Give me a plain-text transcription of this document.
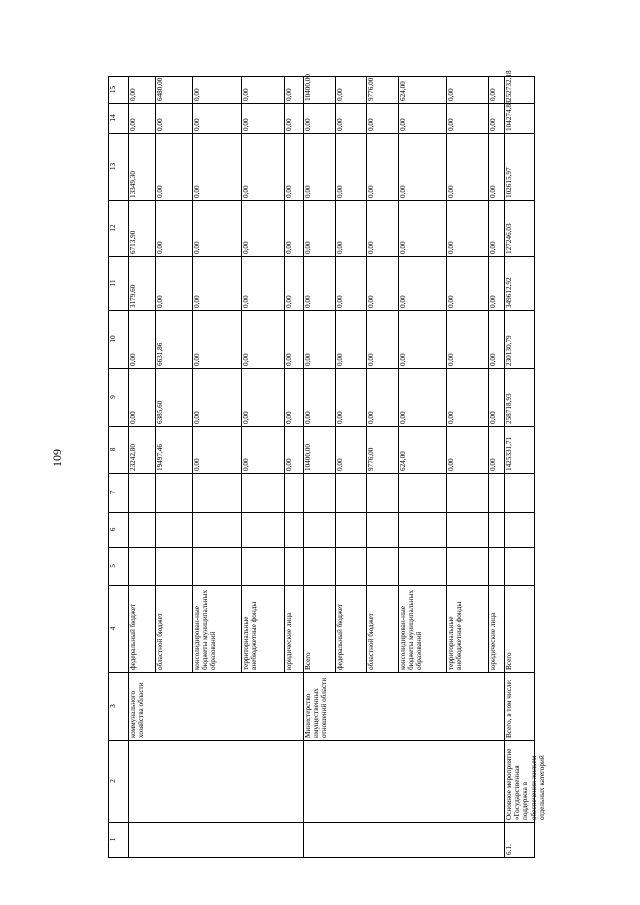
109
1
2
3
4
5
6
7
8
9
10
11
12
13
14
15
коммунального хозяйства области
федеральный бюджет
23242,80
0,00
0,00
3179,60
6713,90
13349,30
0,00
0,00
областной бюджет
19497,46
6385,60
6631,86
0,00
0,00
0,00
0,00
6480,00
консолидирован-ные бюджеты муниципальных образований
0,00
0,00
0,00
0,00
0,00
0,00
0,00
0,00
территориальные внебюджетные фонды
0,00
0,00
0,00
0,00
0,00
0,00
0,00
0,00
юридические лица
0,00
0,00
0,00
0,00
0,00
0,00
0,00
0,00
Министерство имущественных отношений области
Всего
10400,00
0,00
0,00
0,00
0,00
0,00
0,00
10400,00
федеральный бюджет
0,00
0,00
0,00
0,00
0,00
0,00
0,00
0,00
областной бюджет
9776,00
0,00
0,00
0,00
0,00
0,00
0,00
9776,00
консолидирован-ные бюджеты муниципальных образований
624,00
0,00
0,00
0,00
0,00
0,00
0,00
624,00
территориальные внебюджетные фонды
0,00
0,00
0,00
0,00
0,00
0,00
0,00
0,00
юридические лица
0,00
0,00
0,00
0,00
0,00
0,00
0,00
0,00
6.1.
Основное мероприятие «Государственная поддержка в обеспечении жильем отдельных категорий
Всего, в том числе:
Всего
1425331,71
258718,93
230130,79
349612,92
127246,03
102615,97
104274,88
252732,18
